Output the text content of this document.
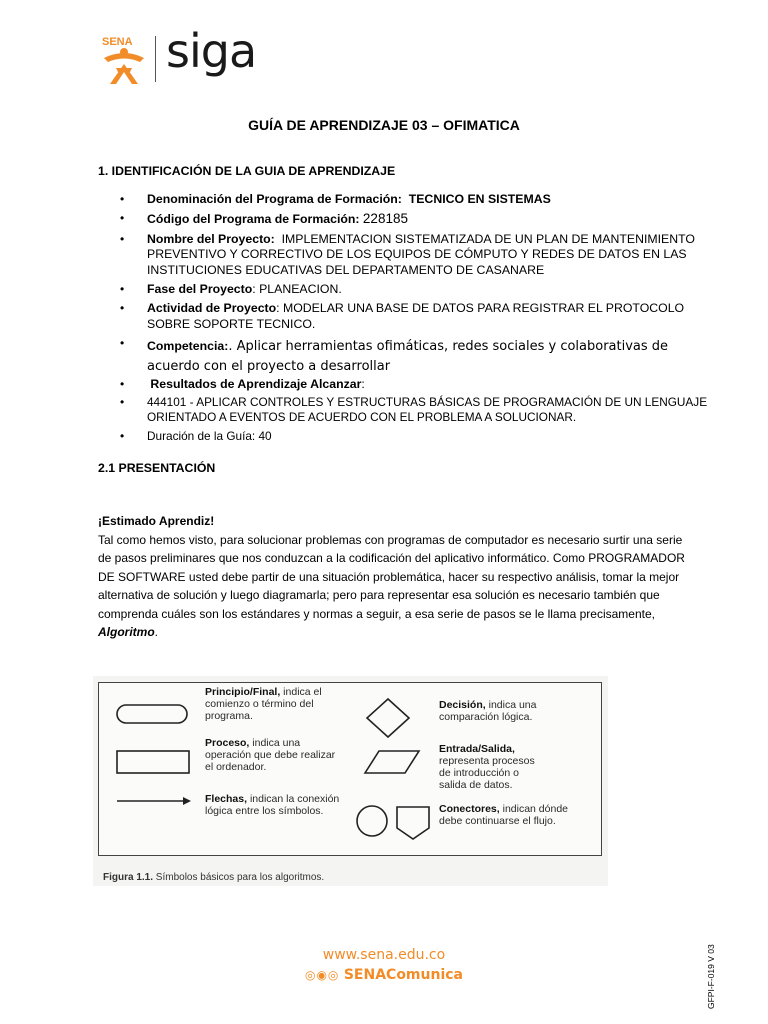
SENA siga
GUÍA DE APRENDIZAJE 03 – OFIMATICA
1. IDENTIFICACIÓN DE LA GUIA DE APRENDIZAJE
• Denominación del Programa de Formación: TECNICO EN SISTEMAS
• Código del Programa de Formación: 228185
• Nombre del Proyecto: IMPLEMENTACION SISTEMATIZADA DE UN PLAN DE MANTENIMIENTO PREVENTIVO Y CORRECTIVO DE LOS EQUIPOS DE CÓMPUTO Y REDES DE DATOS EN LAS INSTITUCIONES EDUCATIVAS DEL DEPARTAMENTO DE CASANARE
• Fase del Proyecto: PLANEACION.
• Actividad de Proyecto: MODELAR UNA BASE DE DATOS PARA REGISTRAR EL PROTOCOLO SOBRE SOPORTE TECNICO.
• Competencia:. Aplicar herramientas ofimáticas, redes sociales y colaborativas de acuerdo con el proyecto a desarrollar
• Resultados de Aprendizaje Alcanzar:
• 444101 - APLICAR CONTROLES Y ESTRUCTURAS BÁSICAS DE PROGRAMACIÓN DE UN LENGUAJE ORIENTADO A EVENTOS DE ACUERDO CON EL PROBLEMA A SOLUCIONAR.
• Duración de la Guía: 40
2.1 PRESENTACIÓN
¡Estimado Aprendiz!
Tal como hemos visto, para solucionar problemas con programas de computador es necesario surtir una serie de pasos preliminares que nos conduzcan a la codificación del aplicativo informático. Como PROGRAMADOR DE SOFTWARE usted debe partir de una situación problemática, hacer su respectivo análisis, tomar la mejor alternativa de solución y luego diagramarla; pero para representar esa solución es necesario también que comprenda cuáles son los estándares y normas a seguir, a esa serie de pasos se le llama precisamente, Algoritmo.
Principio/Final, indica el comienzo o término del programa.
Proceso, indica una operación que debe realizar el ordenador.
Flechas, indican la conexión lógica entre los símbolos.
Decisión, indica una comparación lógica.
Entrada/Salida, representa procesos de introducción o salida de datos.
Conectores, indican dónde debe continuarse el flujo.
Figura 1.1. Símbolos básicos para los algoritmos.
www.sena.edu.co
◎◉◎ SENAComunica	GFPI-F-019 V 03
